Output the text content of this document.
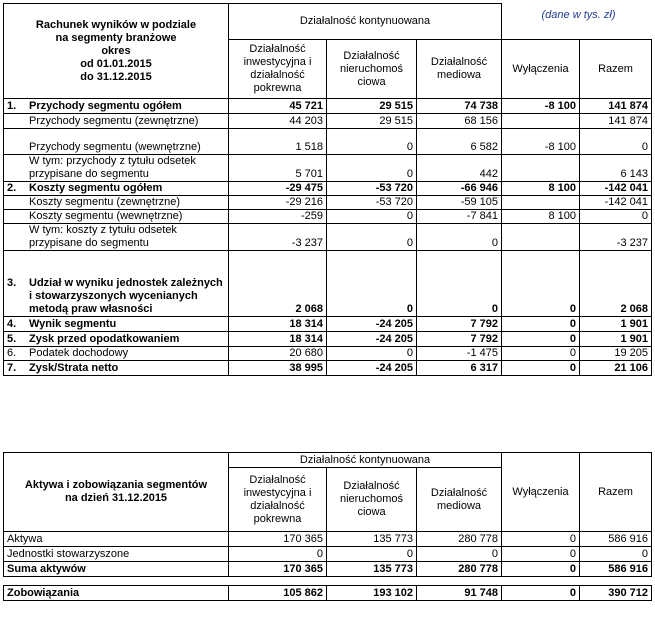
(dane w tys. zł)
Rachunek wyników w podziale
na segmenty branżowe
okres
od 01.01.2015
do 31.12.2015	Działalność kontynuowana				
	Działalność inwestycyjna i działalność pokrewna	Działalność nieruchomoś ciowa	Działalność mediowa	Wyłączenia	Razem

1. Przychody segmentu ogółem	45 721	29 515	74 738	-8 100	141 874

Przychody segmentu (zewnętrzne)	44 203	29 515	68 156		141 874

Przychody segmentu (wewnętrzne)	1 518	0	6 582	-8 100	0

W tym: przychody z tytułu odsetek przypisane do segmentu	5 701	0	442		6 143

2. Koszty segmentu ogółem	-29 475	-53 720	-66 946	8 100	-142 041

Koszty segmentu (zewnętrzne)	-29 216	-53 720	-59 105		-142 041

Koszty segmentu (wewnętrzne)	-259	0	-7 841	8 100	0

W tym: koszty z tytułu odsetek przypisane do segmentu	-3 237	0	0		-3 237

3. Udział w wyniku jednostek zależnych i stowarzyszonych wycenianych metodą praw własności	2 068	0	0	0	2 068

4. Wynik segmentu	18 314	-24 205	7 792	0	1 901

5. Zysk przed opodatkowaniem	18 314	-24 205	7 792	0	1 901

6. Podatek dochodowy	20 680	0	-1 475	0	19 205

7. Zysk/Strata netto	38 995	-24 205	6 317	0	21 106
Aktywa i zobowiązania segmentów
na dzień 31.12.2015	Działalność kontynuowana			Wyłączenia	Razem
	Działalność inwestycyjna i działalność pokrewna	Działalność nieruchomoś ciowa	Działalność mediowa		
Aktywa	170 365	135 773	280 778	0	586 916
Jednostki stowarzyszone	0	0	0	0	0
Suma aktywów	170 365	135 773	280 778	0	586 916

Zobowiązania	105 862	193 102	91 748	0	390 712
